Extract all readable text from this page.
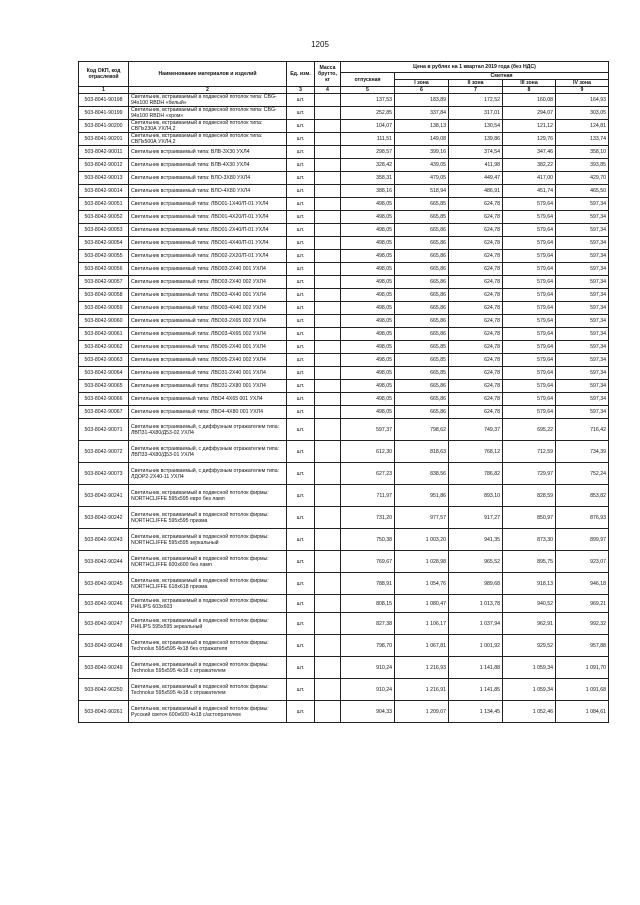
1205
Код ОКП, код отраслевой	Наименование материалов и изделий	Ед. изм.	Масса брутто, кг	Цена в рублях на 1 квартал 2019 года (без НДС)				
				отпускная	Сметная			
					I зона	II зона	III зона	IV зона

1	2	3	4	5	6	7	8	9
503-8041-90198	Светильник, встраиваемый в подвесной потолок типа: CBG-94x100 RBDH «белый»	шт.		137,53	183,89	172,52	160,08	164,93
503-8041-90199	Светильник, встраиваемый в подвесной потолок типа: CBG-94x100 RBDH «хром»	шт.		252,85	337,84	317,01	294,07	303,05
503-8041-90200	Светильник, встраиваемый в подвесной потолок типа: СВПх230А УХЛ4,2	шт.		104,07	138,13	130,54	121,12	124,81
503-8041-90201	Светильник, встраиваемый в подвесной потолок типа: СВПх500А УХЛ4,2	шт.		111,51	149,08	139,86	129,76	133,74
503-8042-90011	Светильник встраиваемый типа: ВЛВ-3Х30 УХЛ4	шт.		298,57	399,16	374,54	347,46	358,10
503-8042-90012	Светильник встраиваемый типа: ВЛВ-4Х30 УХЛ4	шт.		328,42	439,05	411,98	382,22	393,85
503-8042-90013	Светильник встраиваемый типа: ВЛО-3Х80 УХЛ4	шт.		358,31	479,05	449,47	417,00	429,70
503-8042-90014	Светильник встраиваемый типа: ВЛО-4Х80 УХЛ4	шт.		388,16	518,94	486,91	451,74	465,50
503-8042-90051	Светильник встраиваемый типа: ЛВО01-1Х40/П-01 УХЛ4	шт.		498,05	665,85	624,78	579,64	597,34
503-8042-90052	Светильник встраиваемый типа: ЛВО01-4Х20/П-01 УХЛ4	шт.		498,05	665,85	624,78	579,64	597,34
503-8042-90053	Светильник встраиваемый типа: ЛВО01-2Х40/П-01 УХЛ4	шт.		498,05	665,86	624,78	579,64	597,34
503-8042-90054	Светильник встраиваемый типа: ЛВО01-4Х40/П-01 УХЛ4	шт.		498,05	665,86	624,78	579,64	597,34
503-8042-90055	Светильник встраиваемый типа: ЛВО02-2Х20/П-01 УХЛ4	шт.		498,05	665,86	624,78	579,64	597,34
503-8042-90056	Светильник встраиваемый типа: ЛВО03-2Х40 001 УХЛ4	шт.		498,05	665,86	624,78	579,64	597,34
503-8042-90057	Светильник встраиваемый типа: ЛВО03-2Х40 002 УХЛ4	шт.		498,05	665,86	624,78	579,64	597,34
503-8042-90058	Светильник встраиваемый типа: ЛВО03-4Х40 001 УХЛ4	шт.		498,05	665,86	624,78	579,64	597,34
503-8042-90059	Светильник встраиваемый типа: ЛВО03-4Х40 002 УХЛ4	шт.		498,05	665,86	624,78	579,64	597,34
503-8042-90060	Светильник встраиваемый типа: ЛВО03-2Х65 002 УХЛ4	шт.		498,05	665,86	624,78	579,64	597,34
503-8042-90061	Светильник встраиваемый типа: ЛВО03-4Х65 002 УХЛ4	шт.		498,05	665,86	624,78	579,64	597,34
503-8042-90062	Светильник встраиваемый типа: ЛВО05-2Х40 001 УХЛ4	шт.		498,05	665,85	624,78	579,64	597,34
503-8042-90063	Светильник встраиваемый типа: ЛВО05-2Х40 002 УХЛ4	шт.		498,05	665,85	624,78	579,64	597,34
503-8042-90064	Светильник встраиваемый типа: ЛВО31-2Х40 001 УХЛ4	шт.		498,05	665,85	624,78	579,64	597,34
503-8042-90065	Светильник встраиваемый типа: ЛВО31-2Х80 001 УХЛ4	шт.		498,05	665,86	624,78	579,64	597,34
503-8042-90066	Светильник встраиваемый типа: ЛВО4 4Х65 001 УХЛ4	шт.		498,05	665,86	624,78	579,64	597,34
503-8042-90067	Светильник встраиваемый типа: ЛВО4-4Х80 001 УХЛ4	шт.		498,05	665,86	624,78	579,64	597,34
503-8042-90071	Светильник встраиваемый, с диффузным отражателем типа: ЛВП31-4Х80/Д53-02 УХЛ4	шт.		597,37	798,62	749,37	695,22	716,42
503-8042-90072	Светильник встраиваемый, с диффузным отражателем типа: ЛВП33-4Х80/Д53-01 УХЛ4	шт.		612,30	818,63	768,12	712,59	734,39
503-8042-90073	Светильник встраиваемый, с диффузным отражателем типа: ЛДОР2-2Х40-11 УХЛ4	шт.		627,23	838,56	786,82	729,97	752,24
503-8042-90241	Светильник, встраиваемый в подвесной потолок фирмы: NORTHCLIFFE 595x595 евро без ламп	шт.		711,97	951,86	893,10	828,59	853,82
503-8042-90242	Светильник, встраиваемый в подвесной потолок фирмы: NORTHCLIFFE 595x595 призма	шт.		731,20	977,57	917,27	850,97	876,93
503-8042-90243	Светильник, встраиваемый в подвесной потолок фирмы: NORTHCLIFFE 595x595 зеркальный	шт.		750,38	1 003,20	941,35	873,30	899,97
503-8042-90244	Светильник, встраиваемый в подвесной потолок фирмы: NORTHCLIFFE 600x600 без ламп	шт.		769,67	1 028,98	965,52	895,75	923,07
503-8042-90245	Светильник, встраиваемый в подвесной потолок фирмы: NORTHCLIFFE 618x618 призма	шт.		788,91	1 054,76	989,68	918,13	946,18
503-8042-90246	Светильник, встраиваемый в подвесной потолок фирмы: PHILIPS 603x603	шт.		808,15	1 080,47	1 013,78	940,52	969,21
503-8042-90247	Светильник, встраиваемый в подвесной потолок фирмы: PHILIPS 595x595 зеркальный	шт.		827,38	1 106,17	1 037,94	962,91	992,32
503-8042-90248	Светильник, встраиваемый в подвесной потолок фирмы: Technolux 595x595 4x18 без отражателя	шт.		798,70	1 067,81	1 001,92	929,52	957,88
503-8042-90249	Светильник, встраиваемый в подвесной потолок фирмы: Technolux 595x595 4x18 с отражателем	шт.		910,24	1 216,93	1 141,88	1 059,34	1 091,70
503-8042-90250	Светильник, встраиваемый в подвесной потолок фирмы: Technolux 595x595 4x18 с отражателем	шт.		910,24	1 216,91	1 141,85	1 059,34	1 091,68
503-8042-90261	Светильник, встраиваемый в подвесной потолок фирмы: Русский светоч 600x600 4x18 с/астопрателем	шт.		904,33	1 209,07	1 134,45	1 052,46	1 084,61
